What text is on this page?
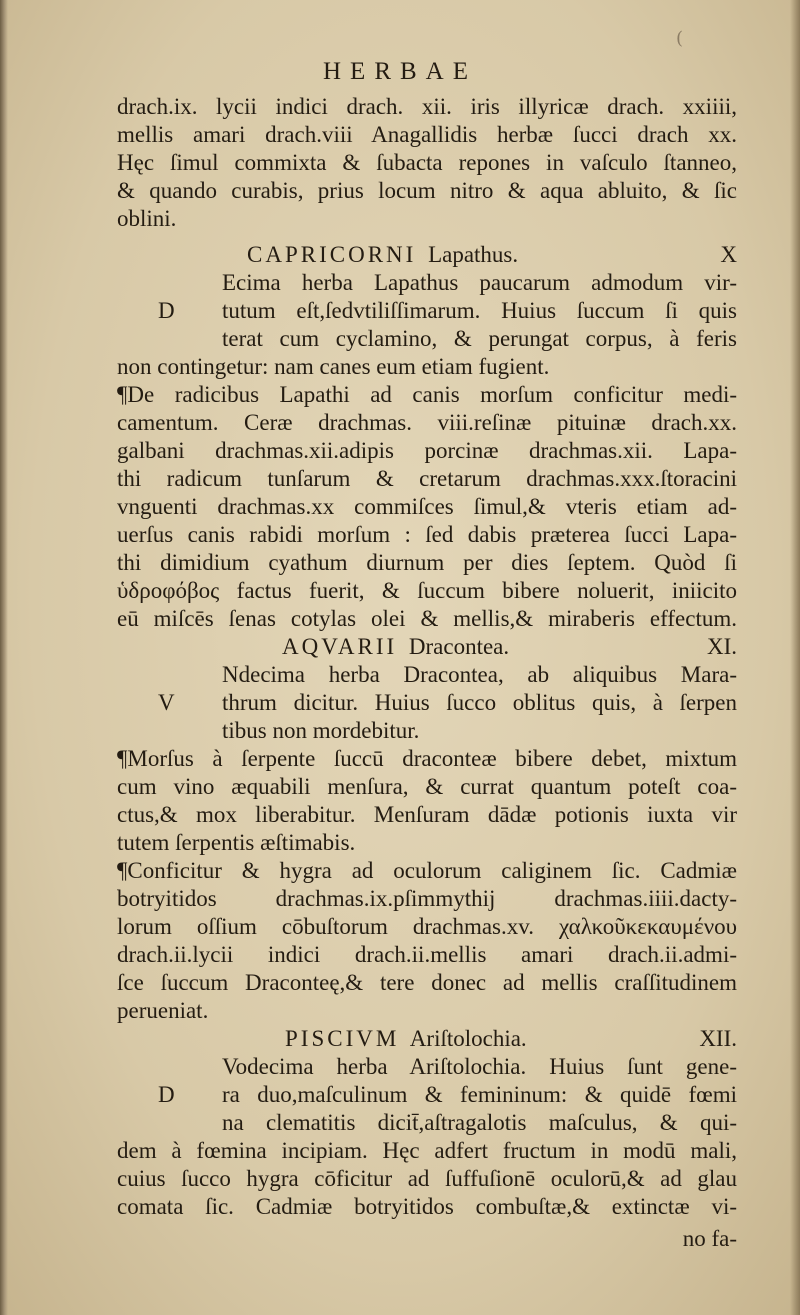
(
HERBAE
drach.ix. lycii indici drach. xii. iris illyricæ drach. xxiiii,
mellis amari drach.viii Anagallidis herbæ ſucci drach xx.
Hęc ſimul commixta & ſubacta repones in vaſculo ſtanneo,
& quando curabis, prius locum nitro & aqua abluito, & ſic
oblini.
CAPRICORNI Lapathus.	X
D
Ecima herba Lapathus paucarum admodum vir-
tutum eſt,ſedvtiliſſimarum. Huius ſuccum ſi quis
terat cum cyclamino, & perungat corpus, à feris
non contingetur: nam canes eum etiam fugient.
¶De radicibus Lapathi ad canis morſum conficitur medi-
camentum. Ceræ drachmas. viii.reſinæ pituinæ drach.xx.
galbani drachmas.xii.adipis porcinæ drachmas.xii. Lapa-
thi radicum tunſarum & cretarum drachmas.xxx.ſtoracini
vnguenti drachmas.xx commiſces ſimul,& vteris etiam ad-
uerſus canis rabidi morſum : ſed dabis prӕterea ſucci Lapa-
thi dimidium cyathum diurnum per dies ſeptem. Quòd ſi
ὑδροφόβος factus fuerit, & ſuccum bibere noluerit, iniicito
eū miſcēs ſenas cotylas olei & mellis,& miraberis effectum.
AQVARII Dracontea.	XI.
V
Ndecima herba Dracontea, ab aliquibus Mara-
thrum dicitur. Huius ſucco oblitus quis, à ſerpen
tibus non mordebitur.
¶Morſus à ſerpente ſuccū draconteæ bibere debet, mixtum
cum vino æquabili menſura, & currat quantum poteſt coa-
ctus,& mox liberabitur. Menſuram dādæ potionis iuxta vir
tutem ſerpentis æſtimabis.
¶Conficitur & hygra ad oculorum caliginem ſic. Cadmiæ
botryitidos drachmas.ix.pſimmythij drachmas.iiii.dacty-
lorum oſſium cōbuſtorum drachmas.xv. χαλκοῦκεκαυμένου
drach.ii.lycii indici drach.ii.mellis amari drach.ii.admi-
ſce ſuccum Draconteę,& tere donec ad mellis craſſitudinem
perueniat.
PISCIVM Ariſtolochia.	XII.
D
Vodecima herba Ariſtolochia. Huius ſunt gene-
ra duo,maſculinum & femininum: & quidē fœmi
na clematitis dicit̄,aſtragalotis maſculus, & qui-
dem à fœmina incipiam. Hęc adfert fructum in modū mali,
cuius ſucco hygra cōficitur ad ſuffuſionē oculorū,& ad glau
comata ſic. Cadmiæ botryitidos combuſtæ,& extinctæ vi-
no fa-
